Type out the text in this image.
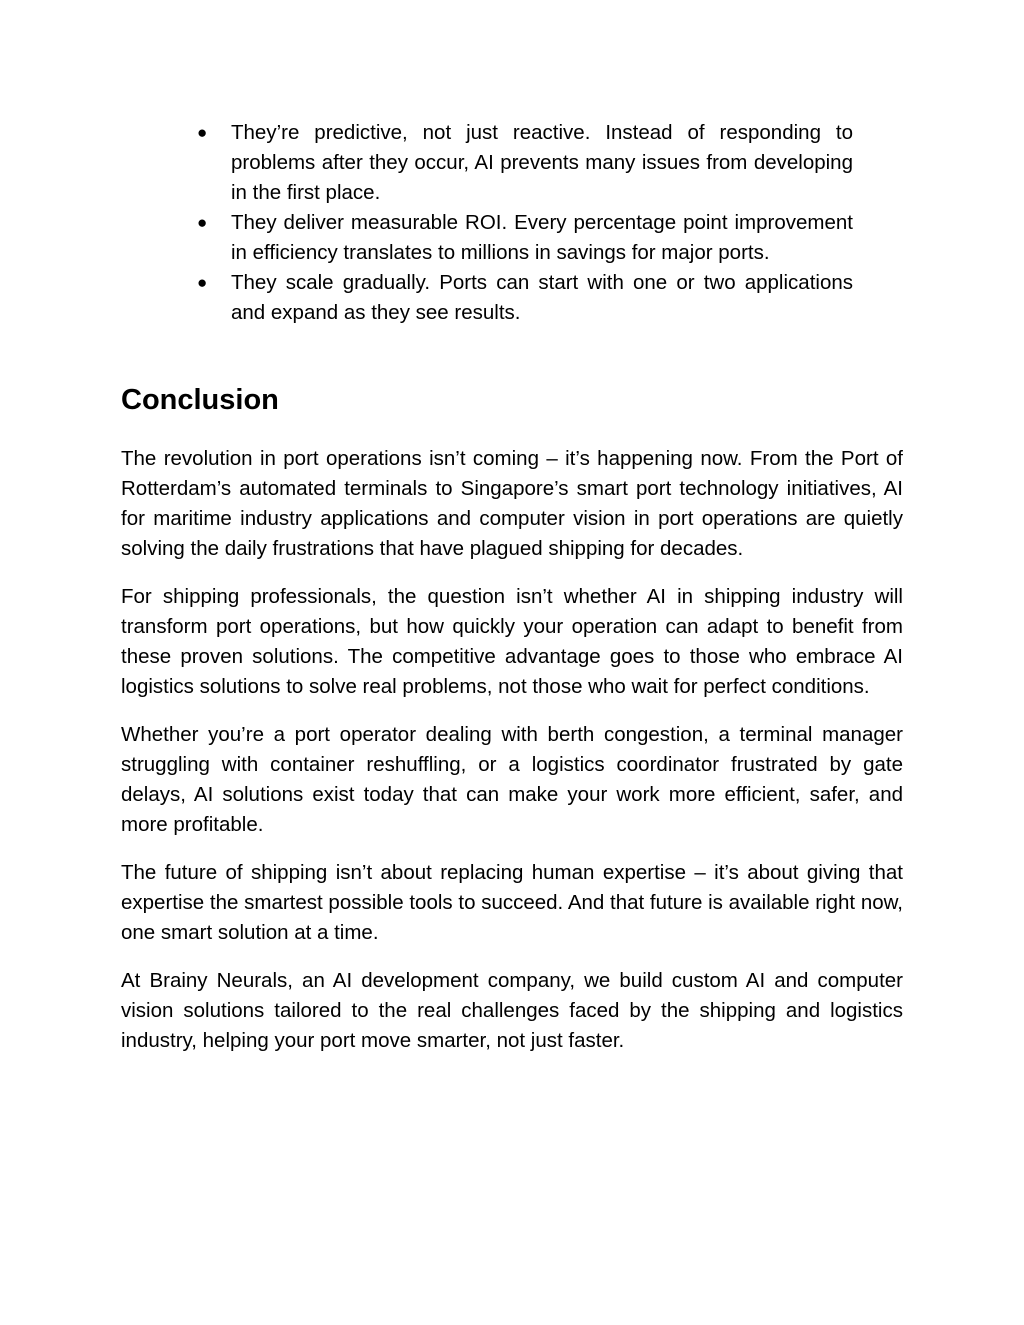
● They’re predictive, not just reactive. Instead of responding to problems after they occur, AI prevents many issues from developing in the first place.
● They deliver measurable ROI. Every percentage point improvement in efficiency translates to millions in savings for major ports.
● They scale gradually. Ports can start with one or two applications and expand as they see results.
Conclusion

The revolution in port operations isn’t coming – it’s happening now. From the Port of Rotterdam’s automated terminals to Singapore’s smart port technology initiatives, AI for maritime industry applications and computer vision in port operations are quietly solving the daily frustrations that have plagued shipping for decades.

For shipping professionals, the question isn’t whether AI in shipping industry will transform port operations, but how quickly your operation can adapt to benefit from these proven solutions. The competitive advantage goes to those who embrace AI logistics solutions to solve real problems, not those who wait for perfect conditions.

Whether you’re a port operator dealing with berth congestion, a terminal manager struggling with container reshuffling, or a logistics coordinator frustrated by gate delays, AI solutions exist today that can make your work more efficient, safer, and more profitable.

The future of shipping isn’t about replacing human expertise – it’s about giving that expertise the smartest possible tools to succeed. And that future is available right now, one smart solution at a time.

At Brainy Neurals, an AI development company, we build custom AI and computer vision solutions tailored to the real challenges faced by the shipping and logistics industry, helping your port move smarter, not just faster.
